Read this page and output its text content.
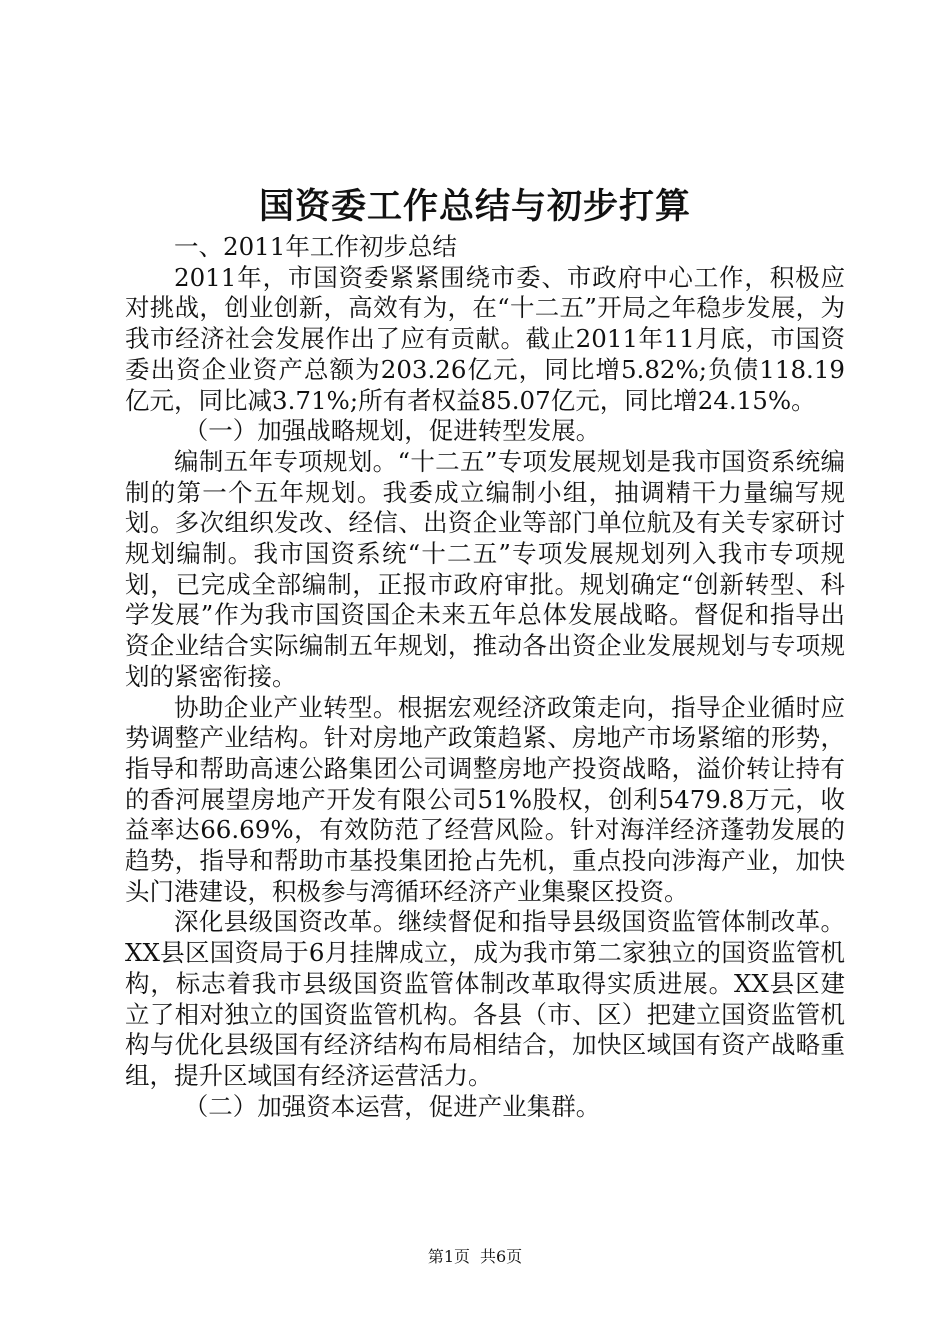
国资委工作总结与初步打算

一、2011年工作初步总结

2011年，市国资委紧紧围绕市委、市政府中心工作，积极应对挑战，创业创新，高效有为，在“十二五”开局之年稳步发展，为我市经济社会发展作出了应有贡献。截止2011年11月底，市国资委出资企业资产总额为203.26亿元，同比增5.82%;负债118.19亿元，同比减3.71%;所有者权益85.07亿元，同比增24.15%。

（一）加强战略规划，促进转型发展。

编制五年专项规划。“十二五”专项发展规划是我市国资系统编制的第一个五年规划。我委成立编制小组，抽调精干力量编写规划。多次组织发改、经信、出资企业等部门单位航及有关专家研讨规划编制。我市国资系统“十二五”专项发展规划列入我市专项规划，已完成全部编制，正报市政府审批。规划确定“创新转型、科学发展”作为我市国资国企未来五年总体发展战略。督促和指导出资企业结合实际编制五年规划，推动各出资企业发展规划与专项规划的紧密衔接。

协助企业产业转型。根据宏观经济政策走向，指导企业循时应势调整产业结构。针对房地产政策趋紧、房地产市场紧缩的形势，指导和帮助高速公路集团公司调整房地产投资战略，溢价转让持有的香河展望房地产开发有限公司51%股权，创利5479.8万元，收益率达66.69%，有效防范了经营风险。针对海洋经济蓬勃发展的趋势，指导和帮助市基投集团抢占先机，重点投向涉海产业，加快头门港建设，积极参与湾循环经济产业集聚区投资。

深化县级国资改革。继续督促和指导县级国资监管体制改革。XX县区国资局于6月挂牌成立，成为我市第二家独立的国资监管机构，标志着我市县级国资监管体制改革取得实质进展。XX县区建立了相对独立的国资监管机构。各县（市、区）把建立国资监管机构与优化县级国有经济结构布局相结合，加快区域国有资产战略重组，提升区域国有经济运营活力。

（二）加强资本运营，促进产业集群。

第1页 共6页
